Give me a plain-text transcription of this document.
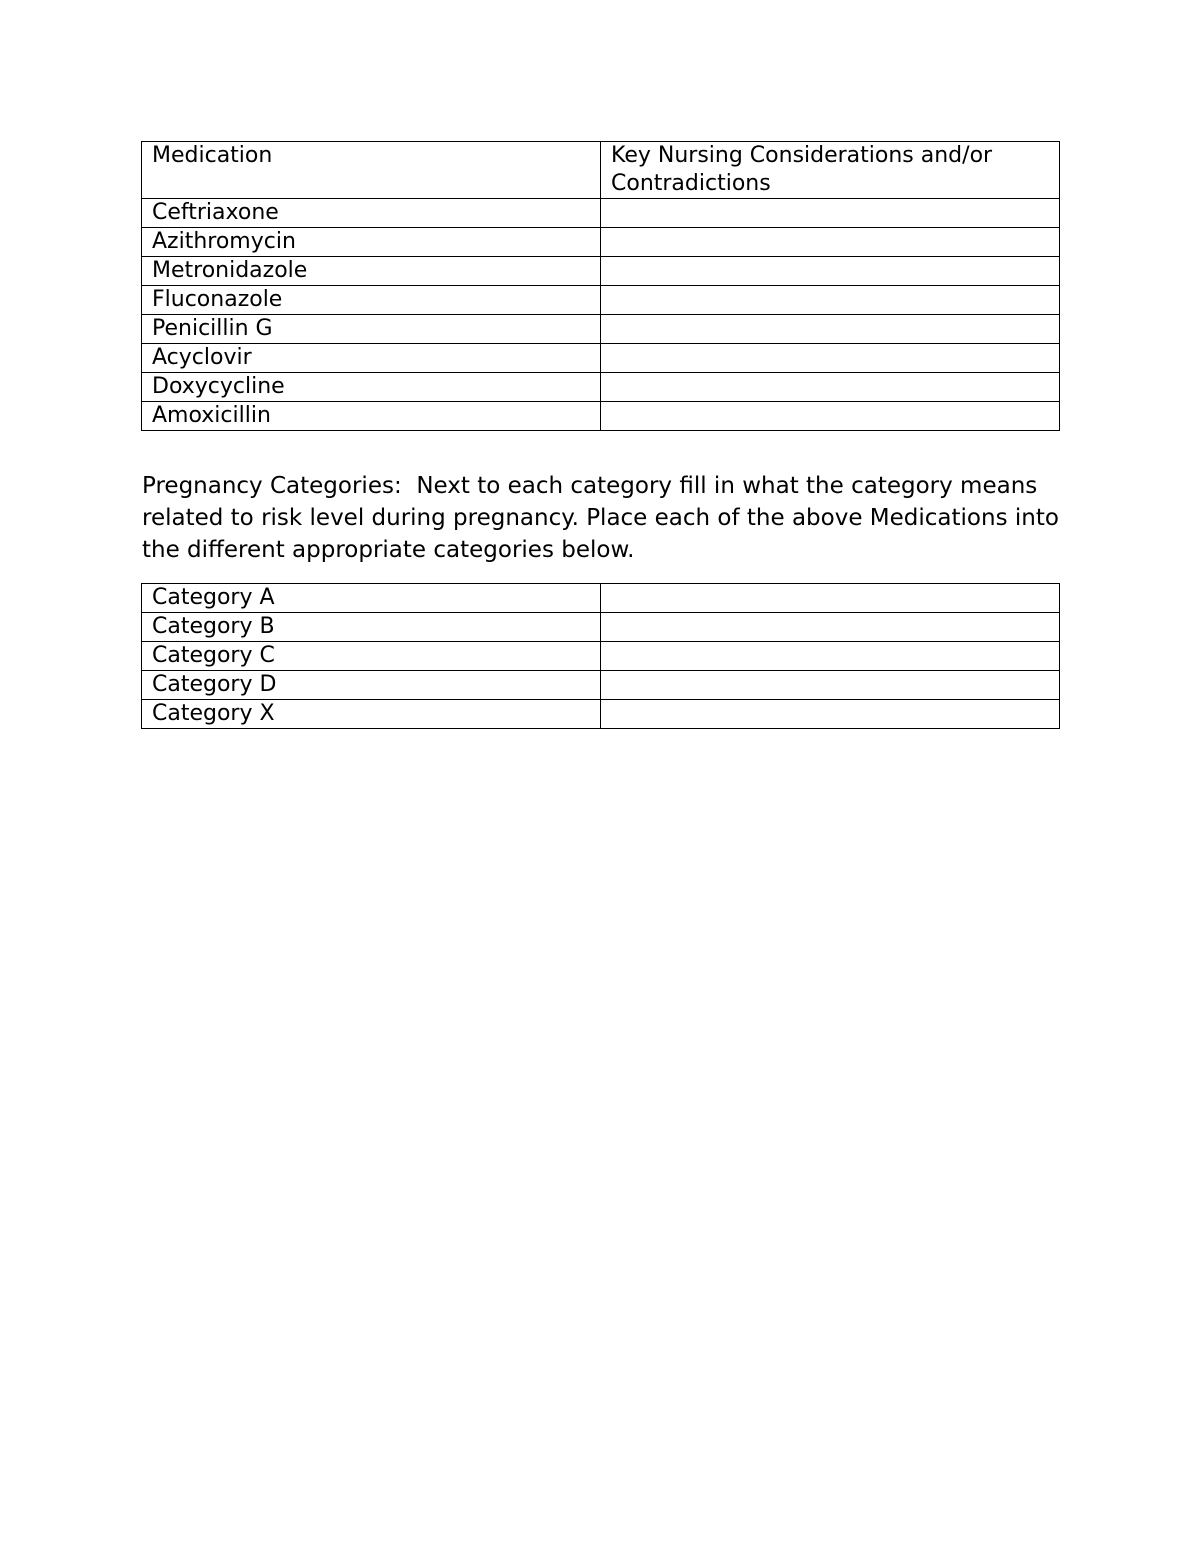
Medication	Key Nursing Considerations and/or Contradictions
Ceftriaxone	
Azithromycin	
Metronidazole	
Fluconazole	
Penicillin G	
Acyclovir	
Doxycycline	
Amoxicillin	
Pregnancy Categories:  Next to each category fill in what the category means related to risk level during pregnancy. Place each of the above Medications into the different appropriate categories below.
Category A	
Category B	
Category C	
Category D	
Category X	
